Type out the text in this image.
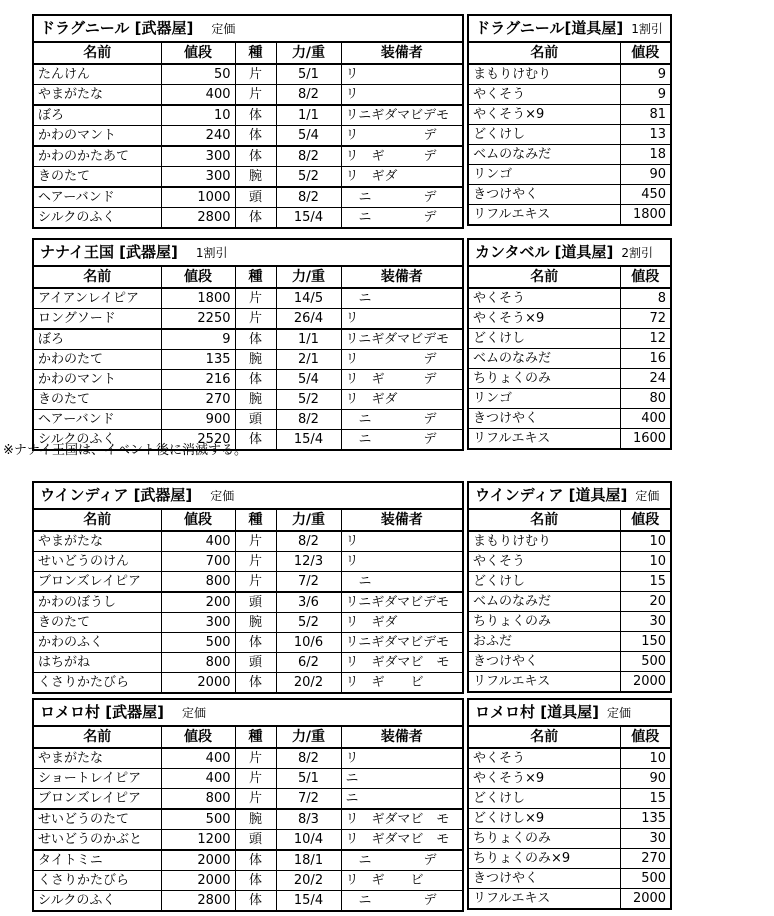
ドラグニール [武器屋] 定価				
名前	値段	種	力/重	装備者
たんけん	50	片	5/1	リ
やまがたな	400	片	8/2	リ
ぼろ	10	体	1/1	リニギダマビデモ
かわのマント	240	体	5/4	リ　　　　　デ
かわのかたあて	300	体	8/2	リ　ギ　　　デ
きのたて	300	腕	5/2	リ　ギダ
ヘアーバンド	1000	頭	8/2	　ニ　　　　デ
シルクのふく	2800	体	15/4	　ニ　　　　デ
ドラグニール[道具屋] 1割引	
名前	値段
まもりけむり	9
やくそう	9
やくそう×9	81
どくけし	13
ベムのなみだ	18
リンゴ	90
きつけやく	450
リフルエキス	1800
ナナイ王国 [武器屋] 1割引				
名前	値段	種	力/重	装備者
アイアンレイピア	1800	片	14/5	　ニ
ロングソード	2250	片	26/4	リ
ぼろ	9	体	1/1	リニギダマビデモ
かわのたて	135	腕	2/1	リ　　　　　デ
かわのマント	216	体	5/4	リ　ギ　　　デ
きのたて	270	腕	5/2	リ　ギダ
ヘアーバンド	900	頭	8/2	　ニ　　　　デ
シルクのふく	2520	体	15/4	　ニ　　　　デ
カンタベル [道具屋] 2割引	
名前	値段
やくそう	8
やくそう×9	72
どくけし	12
ベムのなみだ	16
ちりょくのみ	24
リンゴ	80
きつけやく	400
リフルエキス	1600
※ナナイ王国は、イベント後に消滅する。
ウインディア [武器屋] 定価				
名前	値段	種	力/重	装備者
やまがたな	400	片	8/2	リ
せいどうのけん	700	片	12/3	リ
ブロンズレイピア	800	片	7/2	　ニ
かわのぼうし	200	頭	3/6	リニギダマビデモ
きのたて	300	腕	5/2	リ　ギダ
かわのふく	500	体	10/6	リニギダマビデモ
はちがね	800	頭	6/2	リ　ギダマビ　モ
くさりかたびら	2000	体	20/2	リ　ギ　　ビ
ウインディア [道具屋] 定価	
名前	値段
まもりけむり	10
やくそう	10
どくけし	15
ベムのなみだ	20
ちりょくのみ	30
おふだ	150
きつけやく	500
リフルエキス	2000
ロメロ村 [武器屋] 定価				
名前	値段	種	力/重	装備者
やまがたな	400	片	8/2	リ
ショートレイピア	400	片	5/1	ニ
ブロンズレイピア	800	片	7/2	ニ
せいどうのたて	500	腕	8/3	リ　ギダマビ　モ
せいどうのかぶと	1200	頭	10/4	リ　ギダマビ　モ
タイトミニ	2000	体	18/1	　ニ　　　　デ
くさりかたびら	2000	体	20/2	リ　ギ　　ビ
シルクのふく	2800	体	15/4	　ニ　　　　デ
ロメロ村 [道具屋] 定価	
名前	値段
やくそう	10
やくそう×9	90
どくけし	15
どくけし×9	135
ちりょくのみ	30
ちりょくのみ×9	270
きつけやく	500
リフルエキス	2000
